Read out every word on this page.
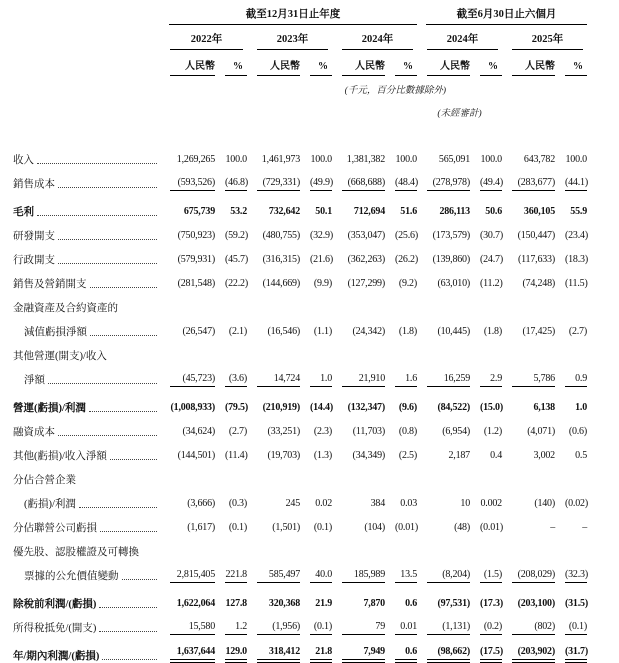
截至12月31日止年度	截至6月30日止六個月
2022年	2023年	2024年	2024年	2025年
人民幣	%	人民幣	%	人民幣	%	人民幣	%	人民幣	%
(千元，百分比數據除外)
(未經審計)
收入	1,269,265 100.0	1,461,973 100.0	1,381,382 100.0	565,091 100.0	643,782 100.0
銷售成本	(593,526) (46.8)	(729,331) (49.9)	(668,688) (48.4)	(278,978) (49.4)	(283,677) (44.1)
毛利	675,739	53.2	732,642	50.1	712,694	51.6	286,113	50.6	360,105	55.9
研發開支	(750,923) (59.2)	(480,755) (32.9)	(353,047) (25.6)	(173,579) (30.7)	(150,447) (23.4)
行政開支	(579,931) (45.7)	(316,315) (21.6)	(362,263) (26.2)	(139,860) (24.7)	(117,633) (18.3)
銷售及營銷開支	(281,548) (22.2)	(144,669)	(9.9)	(127,299)	(9.2)	(63,010) (11.2)	(74,248) (11.5)
金融資產及合約資產的
減值虧損淨額	(26,547)	(2.1)	(16,546)	(1.1)	(24,342)	(1.8)	(10,445)	(1.8)	(17,425)	(2.7)
其他營運(開支)/收入
淨額	(45,723)	(3.6)	14,724	1.0	21,910	1.6	16,259	2.9	5,786	0.9
營運(虧損)/利潤	(1,008,933) (79.5)	(210,919) (14.4)	(132,347)	(9.6)	(84,522) (15.0)	6,138	1.0
融資成本	(34,624)	(2.7)	(33,251)	(2.3)	(11,703)	(0.8)	(6,954)	(1.2)	(4,071)	(0.6)
其他(虧損)/收入淨額	(144,501) (11.4)	(19,703)	(1.3)	(34,349)	(2.5)	2,187	0.4	3,002	0.5
分佔合營企業
(虧損)/利潤	(3,666)	(0.3)	245	0.02	384	0.03	10 0.002	(140) (0.02)
分佔聯營公司虧損	(1,617)	(0.1)	(1,501)	(0.1)	(104) (0.01)	(48) (0.01)	–	–
優先股、認股權證及可轉換
票據的公允價值變動	2,815,405 221.8	585,497	40.0	185,989	13.5	(8,204)	(1.5)	(208,029) (32.3)
除稅前利潤/(虧損)	1,622,064 127.8	320,368	21.9	7,870	0.6	(97,531) (17.3)	(203,100) (31.5)
所得稅抵免/(開支)	15,580	1.2	(1,956)	(0.1)	79	0.01	(1,131)	(0.2)	(802)	(0.1)
年/期內利潤/(虧損)	1,637,644 129.0	318,412	21.8	7,949	0.6	(98,662) (17.5)	(203,902) (31.7)
